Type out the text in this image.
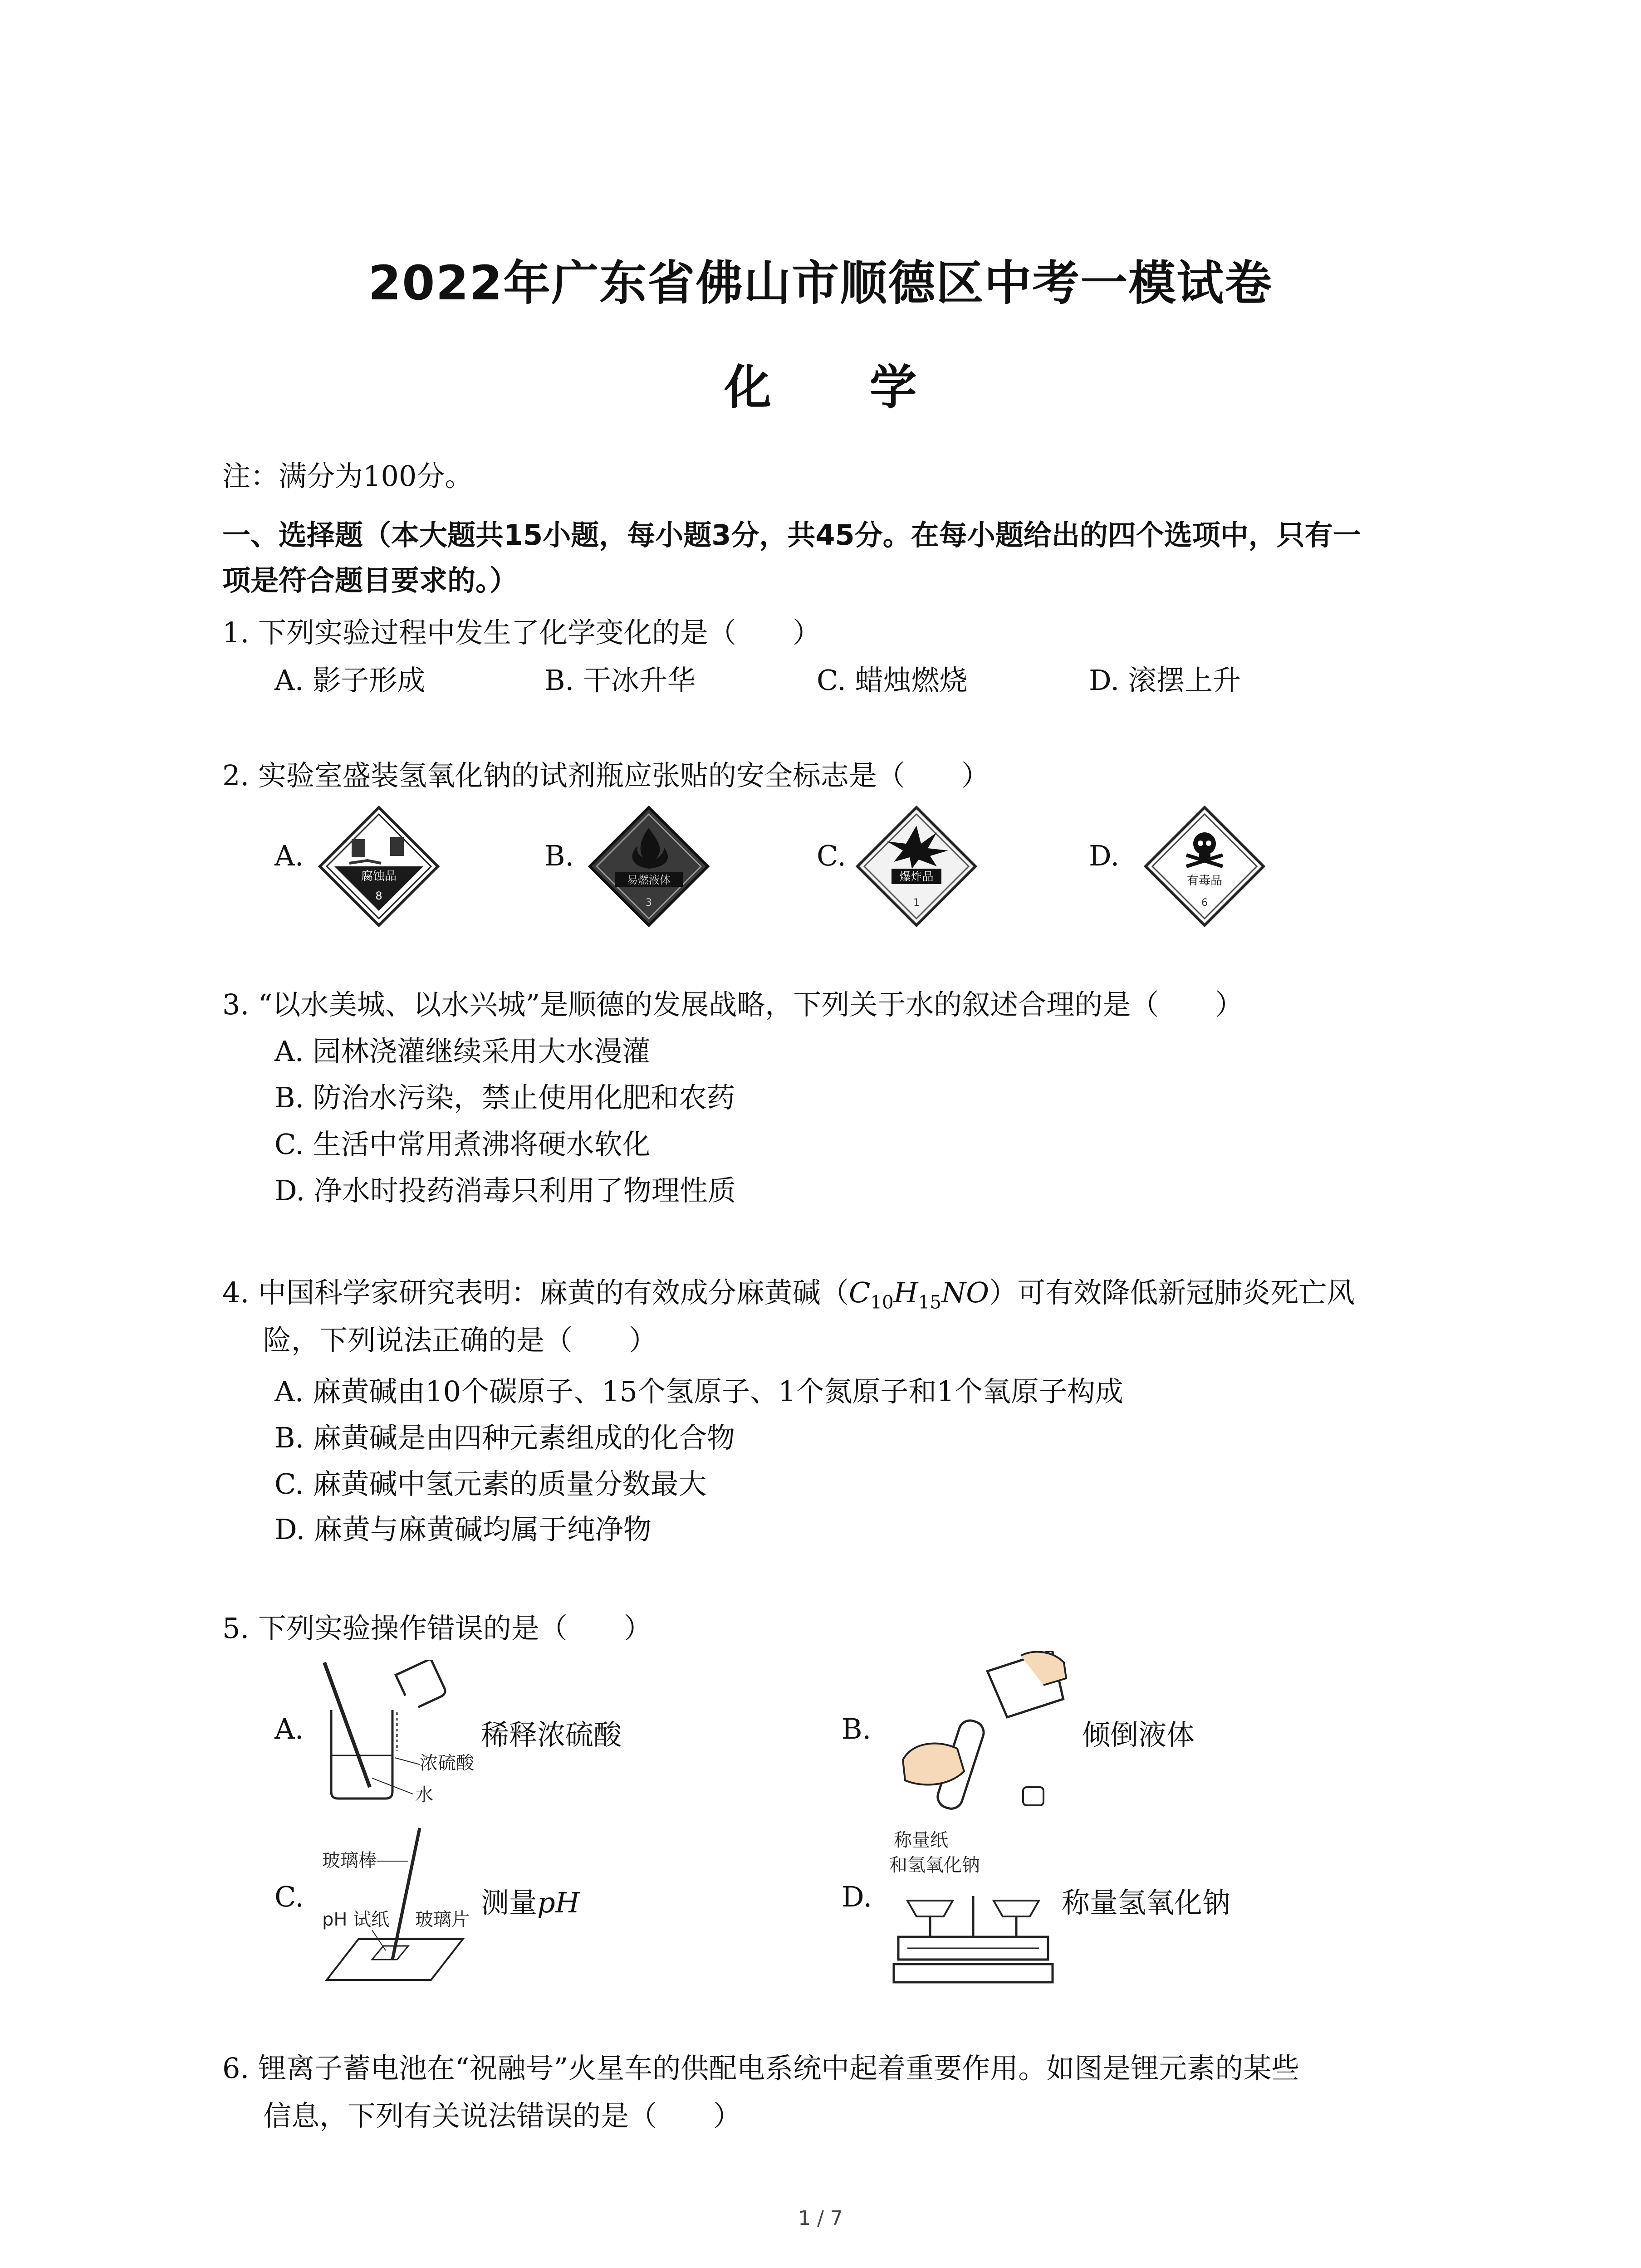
2022年广东省佛山市顺德区中考一模试卷
化 学
注：满分为100分。
一、选择题（本大题共15小题，每小题3分，共45分。在每小题给出的四个选项中，只有一
项是符合题目要求的。）
1. 下列实验过程中发生了化学变化的是（　　）
A. 影子形成	B. 干冰升华	C. 蜡烛燃烧	D. 滚摆上升
2. 实验室盛装氢氧化钠的试剂瓶应张贴的安全标志是（　　）
A.	B.	C.	D.
腐蚀品
8
易燃液体
3
爆炸品
1
有毒品
6
3. “以水美城、以水兴城”是顺德的发展战略，下列关于水的叙述合理的是（　　）
A. 园林浇灌继续采用大水漫灌
B. 防治水污染，禁止使用化肥和农药
C. 生活中常用煮沸将硬水软化
D. 净水时投药消毒只利用了物理性质
4. 中国科学家研究表明：麻黄的有效成分麻黄碱$(C_{10}H_{15}NO)$可有效降低新冠肺炎死亡风
险，下列说法正确的是（　　）
A. 麻黄碱由10个碳原子、15个氢原子、1个氮原子和1个氧原子构成
B. 麻黄碱是由四种元素组成的化合物
C. 麻黄碱中氢元素的质量分数最大
D. 麻黄与麻黄碱均属于纯净物
5. 下列实验操作错误的是（　　）
A.
浓硫酸
水
稀释浓硫酸	B.	倾倒液体
C.
玻璃棒
pH 试纸 玻璃片
测量pH	D.
称量纸
和氢氧化钠
称量氢氧化钠
6. 锂离子蓄电池在“祝融号”火星车的供配电系统中起着重要作用。如图是锂元素的某些
信息，下列有关说法错误的是（　　）
1 / 7
